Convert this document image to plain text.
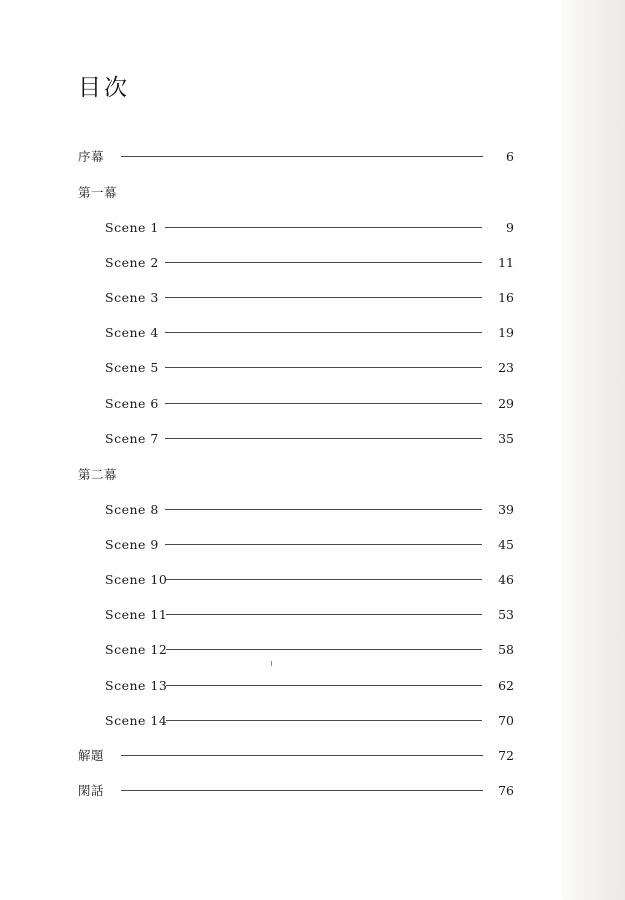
目次
序幕	6
第一幕
Scene 1	9
Scene 2	11
Scene 3	16
Scene 4	19
Scene 5	23
Scene 6	29
Scene 7	35
第二幕
Scene 8	39
Scene 9	45
Scene 10	46
Scene 11	53
Scene 12	58
Scene 13	62
Scene 14	70
解題	72
閑話	76
